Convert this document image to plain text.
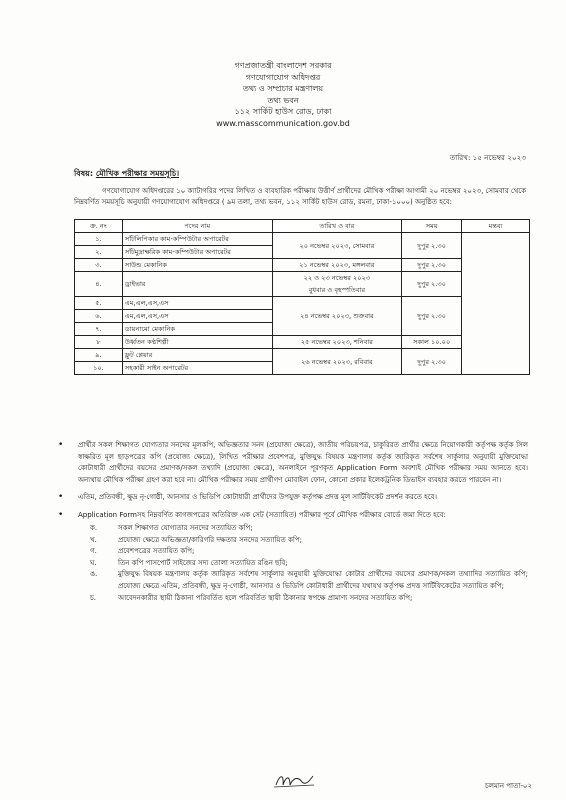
গণপ্রজাতন্ত্রী বাংলাদেশ সরকার
গণযোগাযোগ অধিদপ্তর
তথ্য ও সম্প্রচার মন্ত্রণালয়
তথ্য ভবন
১১২ সার্কিট হাউস রোড, ঢাকা
www.masscommunication.gov.bd
তারিখ: ১৫ নভেম্বর ২০২৩
বিষয়: মৌখিক পরীক্ষার সময়সূচি।
গণযোগাযোগ অধিদপ্তরের ১০ ক্যাটাগরির পদের লিখিত ও ব্যবহারিক পরীক্ষায় উত্তীর্ণ প্রার্থীদের মৌখিক পরীক্ষা আগামী ২০ নভেম্বর ২০২৩, সোমবার থেকে নিম্নবর্ণিত সময়সূচি অনুযায়ী গণযোগাযোগ অধিদপ্তরে ( ৯ম তলা, তথ্য ভবন, ১১২ সার্কিট হাউস রোড, রমনা, ঢাকা-১০০০) অনুষ্ঠিত হবে:
ক্র. নং	পদের নাম	তারিখ ও বার	সময়	মন্তব্য
১.	সাঁটলিপিকার কাম-কম্পিউটার অপারেটর	২০ নভেম্বর ২০২৩, সোমবার	দুপুর ২.৩০	
২.	সাঁটমুদ্রাক্ষরিক কাম-কম্পিউটার অপারেটর			
৩.	সাউন্ড মেকানিক	২১ নভেম্বর ২০২৩, মঙ্গলবার	দুপুর ২.৩০	
৪.	ড্রাইভার	২২ ও ২৩ নভেম্বর ২০২৩
বুধবার ও বৃহস্পতিবার	দুপুর ২.৩০	
৫.	এম,এল,এস,এস	২৪ নভেম্বর ২০২৩, শুক্রবার	দুপুর ২.৩০	
৬.	এম,এল,এস,এস			
৭.	ডায়নামো মেকানিক			
৮	উর্ধ্বতন কণ্ঠশিল্পী	২৫ নভেম্বর ২০২৩, শনিবার	সকাল ১০.০০	
৯.	ফ্লুট প্লেয়ার	২৬ নভেম্বর ২০২৩, রবিবার	দুপুর ২.৩০	
১০.	সহকারী সাইন অপারেটর			
• প্রার্থীর সকল শিক্ষাগত যোগ্যতার সনদের মূলকপি, অভিজ্ঞতার সনদ (প্রযোজ্য ক্ষেত্রে), জাতীয় পরিচয়পত্র, চাকুরিরত প্রার্থীর ক্ষেত্রে নিয়োগকারী কর্তৃপক্ষ কর্তৃক সিল স্বাক্ষরিত মূল ছাড়পত্রের কপি (প্রযোজ্য ক্ষেত্রে), লিখিত পরীক্ষার প্রবেশপত্র, মুক্তিযুদ্ধ বিষয়ক মন্ত্রণালয় কর্তৃক জারিকৃত সর্বশেষ সার্কুলার অনুযায়ী মুক্তিযোদ্ধা কোটাধারী প্রার্থীদের বয়সের প্রমাণক/সকল তথ্যাদি (প্রযোজ্য ক্ষেত্রে), অনলাইনে পূরণকৃত Application Form অবশ্যই মৌখিক পরীক্ষার সময় আনতে হবে। অন্যথায় মৌখিক পরীক্ষা গ্রহণ করা হবে না। মৌখিক পরীক্ষার সময় প্রার্থীগণ মোবাইল ফোন, কোনো প্রকার ইলেকট্রনিক ডিভাইস ব্যবহার করতে পারবেন না।
• এতিম, প্রতিবন্ধী, ক্ষুদ্র নৃ-গোষ্ঠী, আনসার ও ভিডিপি কোটাধারী প্রার্থীদের উপযুক্ত কর্তৃপক্ষ প্রদত্ত মূল সার্টিফিকেট প্রদর্শন করতে হবে।
• Application Formসহ নিম্নবর্ণিত কাগজপত্রের অতিরিক্ত এক সেট (সত্যায়িত) পরীক্ষার পূর্বে মৌখিক পরীক্ষার বোর্ডে জমা দিতে হবে:
ক.	সকল শিক্ষাগত যোগ্যতার সনদের সত্যায়িত কপি;
খ.	প্রযোজ্য ক্ষেত্রে অভিজ্ঞতা/কারিগরি দক্ষতার সনদের সত্যায়িত কপি;
গ.	প্রবেশপত্রের সত্যায়িত কপি;
ঘ.	তিন কপি পাসপোর্ট সাইজের সদ্য তোলা সত্যায়িত রঙিন ছবি;
ঙ.	মুক্তিযুদ্ধ বিষয়ক মন্ত্রণালয় কর্তৃক জারিকৃত সর্বশেষ সার্কুলার অনুযায়ী মুক্তিযোদ্ধা কোটার প্রার্থীদের বয়সের প্রমাণক/সকল তথ্যাদির সত্যায়িত কপি; প্রযোজ্য ক্ষেত্রে এতিম, প্রতিবন্ধী, ক্ষুদ্র নৃ-গোষ্ঠী, আনসার ও ভিডিপি কোটাধারী প্রার্থীদের যথাযথ কর্তৃপক্ষ প্রদত্ত সার্টিফিকেটের সত্যায়িত কপি;
চ.	আবেদনকারীর স্থায়ী ঠিকানা পরিবর্তিত হলে পরিবর্তিত স্থায়ী ঠিকানার স্বপক্ষে প্রামাণ্য সনদের সত্যায়িত কপি;
চলমান পাতা-০২
